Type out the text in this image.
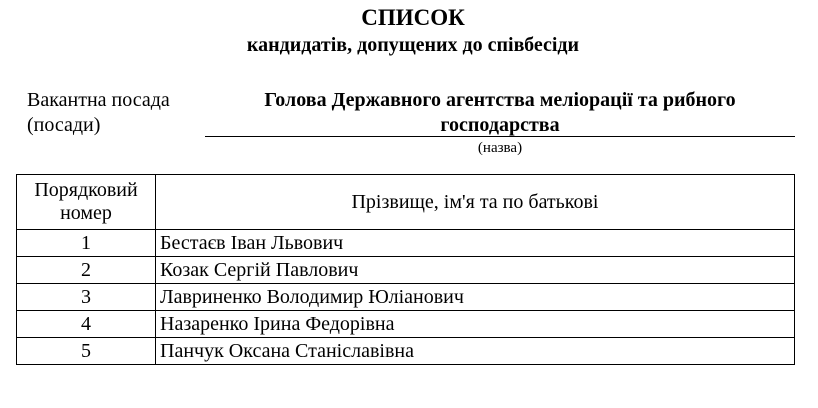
СПИСОК
кандидатів, допущених до співбесіди
Вакантна посада
(посади)
Голова Державного агентства меліорації та рибного господарства
(назва)
Порядковий номер	Прізвище, ім'я та по батькові
1	Бестаєв Іван Львович
2	Козак Сергій Павлович
3	Лавриненко Володимир Юліанович
4	Назаренко Ірина Федорівна
5	Панчук Оксана Станіславівна
